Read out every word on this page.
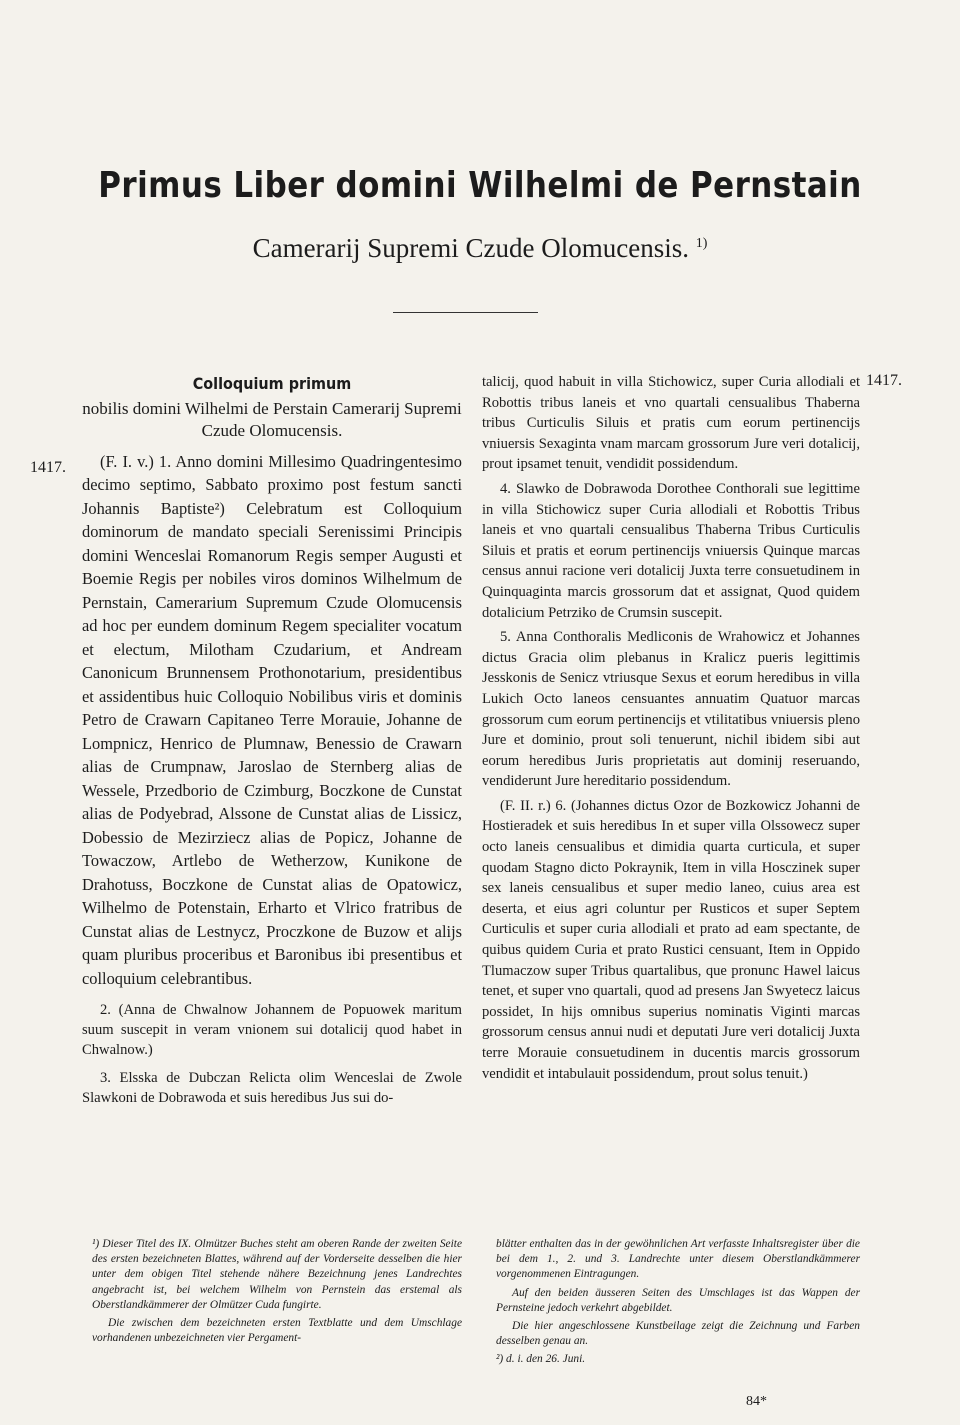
Primus Liber domini Wilhelmi de Pernstain
Camerarij Supremi Czude Olomucensis. $^{1)}$
1417.
1417.
Colloquium primum
nobilis domini Wilhelmi de Perstain Camerarij Supremi Czude Olomucensis.

(F. I. v.) 1. Anno domini Millesimo Quadringentesimo decimo septimo, Sabbato proximo post festum sancti Johannis Baptiste²) Celebratum est Colloquium dominorum de mandato speciali Serenissimi Principis domini Wenceslai Romanorum Regis semper Augusti et Boemie Regis per nobiles viros dominos Wilhelmum de Pernstain, Camerarium Supremum Czude Olomucensis ad hoc per eundem dominum Regem specialiter vocatum et electum, Milotham Czudarium, et Andream Canonicum Brunnensem Prothonotarium, presidentibus et assidentibus huic Colloquio Nobilibus viris et dominis Petro de Crawarn Capitaneo Terre Morauie, Johanne de Lompnicz, Henrico de Plumnaw, Benessio de Crawarn alias de Crumpnaw, Jaroslao de Sternberg alias de Wessele, Przedborio de Czimburg, Boczkone de Cunstat alias de Podyebrad, Alssone de Cunstat alias de Lissicz, Dobessio de Mezirziecz alias de Popicz, Johanne de Towaczow, Artlebo de Wetherzow, Kunikone de Drahotuss, Boczkone de Cunstat alias de Opatowicz, Wilhelmo de Potenstain, Erharto et Vlrico fratribus de Cunstat alias de Lestnycz, Proczkone de Buzow et alijs quam pluribus proceribus et Baronibus ibi presentibus et colloquium celebrantibus.

2. (Anna de Chwalnow Johannem de Popuowek maritum suum suscepit in veram vnionem sui dotalicij quod habet in Chwalnow.)

3. Elsska de Dubczan Relicta olim Wenceslai de Zwole Slawkoni de Dobrawoda et suis heredibus Jus sui do-

talicij, quod habuit in villa Stichowicz, super Curia allodiali et Robottis tribus laneis et vno quartali censualibus Thaberna tribus Curticulis Siluis et pratis cum eorum pertinencijs vniuersis Sexaginta vnam marcam grossorum Jure veri dotalicij, prout ipsamet tenuit, vendidit possidendum.

4. Slawko de Dobrawoda Dorothee Conthorali sue legittime in villa Stichowicz super Curia allodiali et Robottis Tribus laneis et vno quartali censualibus Thaberna Tribus Curticulis Siluis et pratis et eorum pertinencijs vniuersis Quinque marcas census annui racione veri dotalicij Juxta terre consuetudinem in Quinquaginta marcis grossorum dat et assignat, Quod quidem dotalicium Petrziko de Crumsin suscepit.

5. Anna Conthoralis Medliconis de Wrahowicz et Johannes dictus Gracia olim plebanus in Kralicz pueris legittimis Jesskonis de Senicz vtriusque Sexus et eorum heredibus in villa Lukich Octo laneos censuantes annuatim Quatuor marcas grossorum cum eorum pertinencijs et vtilitatibus vniuersis pleno Jure et dominio, prout soli tenuerunt, nichil ibidem sibi aut eorum heredibus Juris proprietatis aut dominij reseruando, vendiderunt Jure hereditario possidendum.

(F. II. r.) 6. (Johannes dictus Ozor de Bozkowicz Johanni de Hostieradek et suis heredibus In et super villa Olssowecz super octo laneis censualibus et dimidia quarta curticula, et super quodam Stagno dicto Pokraynik, Item in villa Hosczinek super sex laneis censualibus et super medio laneo, cuius area est deserta, et eius agri coluntur per Rusticos et super Septem Curticulis et super curia allodiali et prato ad eam spectante, de quibus quidem Curia et prato Rustici censuant, Item in Oppido Tlumaczow super Tribus quartalibus, que pronunc Hawel laicus tenet, et super vno quartali, quod ad presens Jan Swyetecz laicus possidet, In hijs omnibus superius nominatis Viginti marcas grossorum census annui nudi et deputati Jure veri dotalicij Juxta terre Morauie consuetudinem in ducentis marcis grossorum vendidit et intabulauit possidendum, prout solus tenuit.)

¹) Dieser Titel des IX. Olmützer Buches steht am oberen Rande der zweiten Seite des ersten bezeichneten Blattes, während auf der Vorderseite desselben die hier unter dem obigen Titel stehende nähere Bezeichnung jenes Landrechtes angebracht ist, bei welchem Wilhelm von Pernstein das erstemal als Oberstlandkämmerer der Olmützer Cuda fungirte.

Die zwischen dem bezeichneten ersten Textblatte und dem Umschlage vorhandenen unbezeichneten vier Pergament-

blätter enthalten das in der gewöhnlichen Art verfasste Inhaltsregister über die bei dem 1., 2. und 3. Landrechte unter diesem Oberstlandkämmerer vorgenommenen Eintragungen.

Auf den beiden äusseren Seiten des Umschlages ist das Wappen der Pernsteine jedoch verkehrt abgebildet.

Die hier angeschlossene Kunstbeilage zeigt die Zeichnung und Farben desselben genau an.

²) d. i. den 26. Juni.

84*
